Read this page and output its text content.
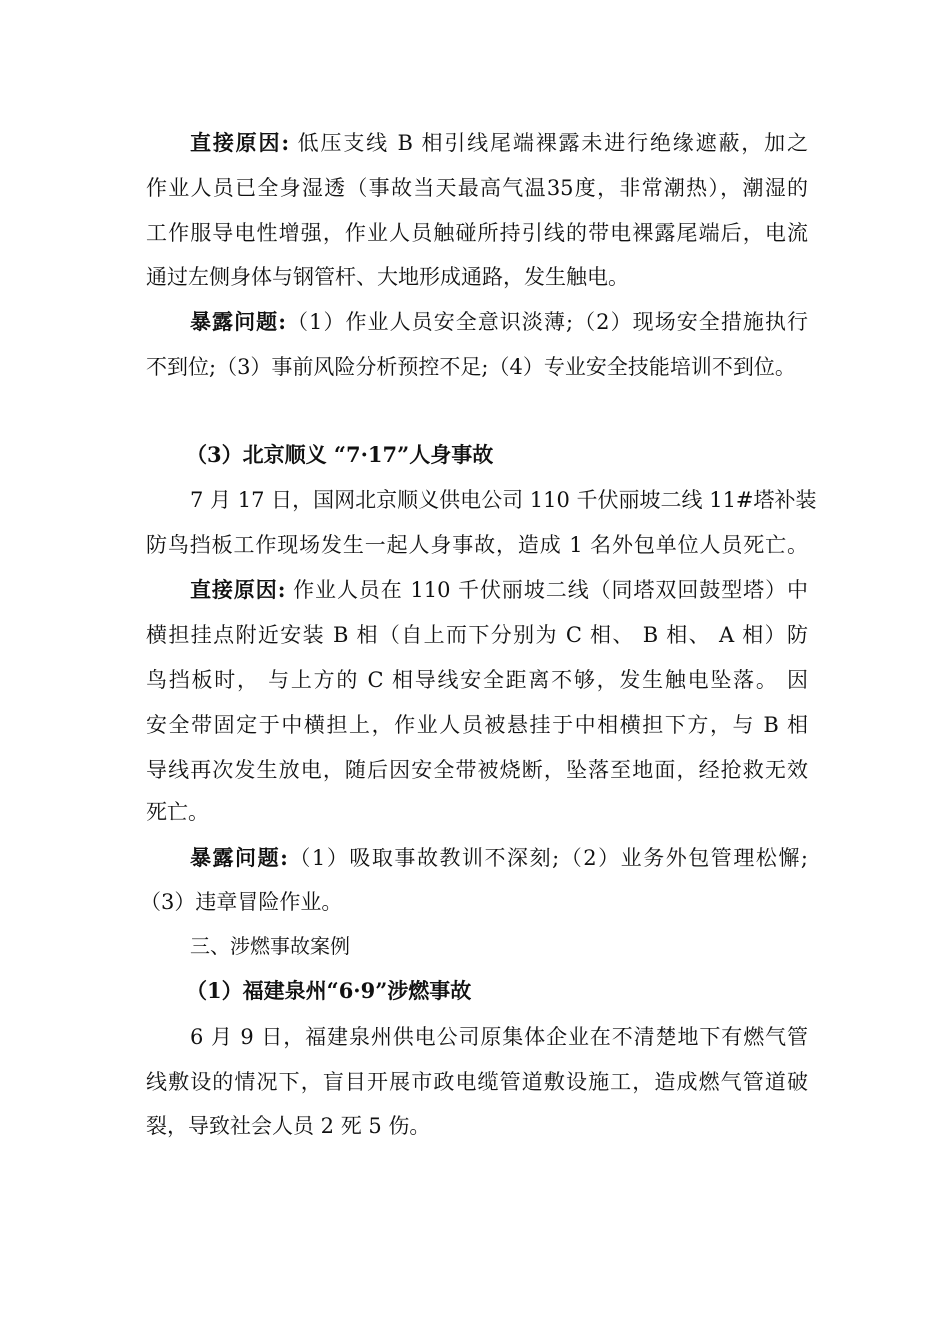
直接原因: 低压支线 B 相引线尾端裸露未进行绝缘遮蔽，加之
作业人员已全身湿透（事故当天最高气温35度，非常潮热），潮湿的
工作服导电性增强，作业人员触碰所持引线的带电裸露尾端后，电流
通过左侧身体与钢管杆、大地形成通路，发生触电。
暴露问题:（1）作业人员安全意识淡薄;（2）现场安全措施执行
不到位;（3）事前风险分析预控不足;（4）专业安全技能培训不到位。
（3）北京顺义 “7·17”人身事故
7 月 17 日，国网北京顺义供电公司 110 千伏丽坡二线 11#塔补装
防鸟挡板工作现场发生一起人身事故，造成 1 名外包单位人员死亡。
直接原因: 作业人员在 110 千伏丽坡二线（同塔双回鼓型塔）中
横担挂点附近安装 B 相（自上而下分别为 C 相、 B 相、 A 相）防
鸟挡板时， 与上方的 C 相导线安全距离不够，发生触电坠落。 因
安全带固定于中横担上，作业人员被悬挂于中相横担下方，与 B 相
导线再次发生放电，随后因安全带被烧断，坠落至地面，经抢救无效
死亡。
暴露问题:（1）吸取事故教训不深刻;（2）业务外包管理松懈;
（3）违章冒险作业。
三、涉燃事故案例
（1）福建泉州“6·9”涉燃事故
6 月 9 日，福建泉州供电公司原集体企业在不清楚地下有燃气管
线敷设的情况下，盲目开展市政电缆管道敷设施工，造成燃气管道破
裂，导致社会人员 2 死 5 伤。
